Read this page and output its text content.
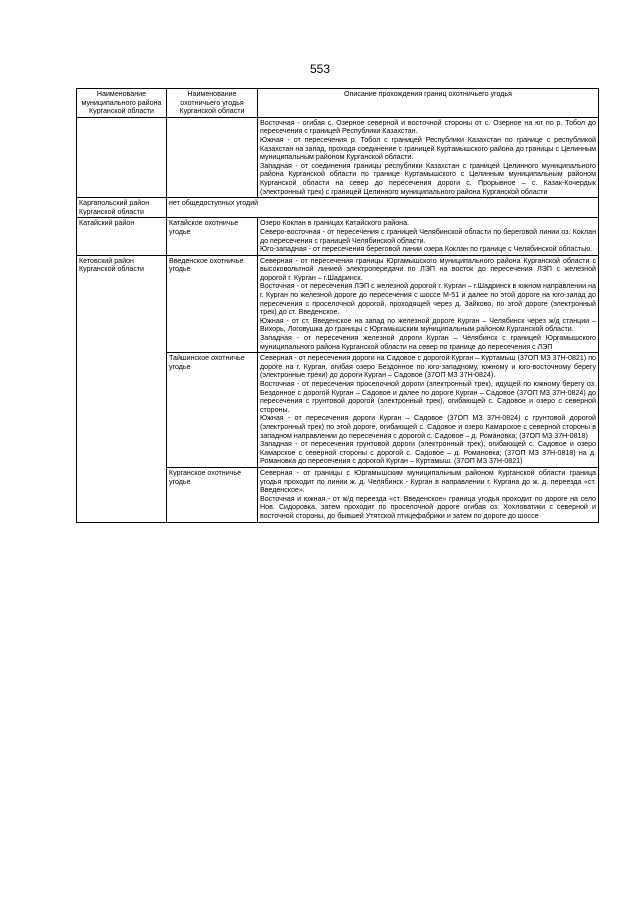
553
Наименование муниципального района Курганской области	Наименование охотничьего угодья Курганской области	Описание прохождения границ охотничьего угодья

		Восточная - огибая с. Озерное северной и восточной стороны от с. Озерное на юг по р. Тобол до пересечения с границей Республики Казахстан.

Южная - от пересечения р. Тобол с границей Республики Казахстан по границе с республикой Казахстан на запад, проходя соединение с границей Куртамышского района до границы с Целинным муниципальным районом Курганской области.

Западная - от соединения границы республики Казахстан с границей Целинного муниципального района Курганской области по границе Куртамышского с Целинным муниципальным районом Курганской области на север до пересечения дороги с. Прорывное – с. Казак-Кочердык (электронный трек) с границей Целинного муниципального района Курганской области

Каргапольский район Курганской области	нет общедоступных угодий	
Катайский район	Катайское охотничье угодье	Озеро Коклан в границах Катайского района.

Северо-восточная - от пересечения с границей Челябинской области по береговой линии оз. Коклан до пересечения с границей Челябинской области.

Юго-западная - от пересечения береговой линии озера Коклан по границе с Челябинской областью.

Кетовский район Курганской области	Введенское охотничье угодье	Северная - от пересечения границы Юргамышского муниципального района Курганской области с высоковольтной линией электропередачи по ЛЭП на восток до пересечения ЛЭП с железной дорогой г. Курган – г.Шадринск.

Восточная - от пересечения ЛЭП с железной дорогой г. Курган – г.Шадринск в южном направлении на г. Курган по железной дороге до пересечения с шоссе М-51 и далее по этой дороге на юго-запад до пересечения с проселочной дорогой, проходящей через д. Зайково, по этой дороге (электронный трек) до ст. Введенское.

Южная - от ст. Введенское на запад по железной дороге Курган – Челябинск через ж/д станции – Вихорь, Логовушка до границы с Юргамышским муниципальным районом Курганской области.

Западная - от пересечения железной дороги Курган – Челябинск с границей Юргамышского муниципального района Курганской области на север по границе до пересечения с ЛЭП

	Тайшинское охотничье угодье	Северная - от пересечения дороги на Садовое с дорогой Курган – Куртамыш (37ОП МЗ 37Н-0821) по дороге на г. Курган, огибая озеро Бездонное по юго-западному, южному и юго-восточному берегу (электронные треки) до дороги Курган – Садовое (37ОП МЗ 37Н-0824).

Восточная - от пересечения проселочной дороги (электронный трек), идущей по южному берегу оз. Бездонное с дорогой Курган – Садовое и далее по дороге Курган – Садовое (37ОП МЗ 37Н-0824) до пересечения с грунтовой дорогой (электронный трек), огибающей с. Садовое и озеро с северной стороны.

Южная - от пересечения дороги Курган – Садовое (37ОП МЗ 37Н-0824) с грунтовой дорогой (электронный трек) по этой дороге, огибающей с. Садовое и озеро Камарское с северной стороны в западном направлении до пересечения с дорогой с. Садовое – д. Романовка; (37ОП МЗ 37Н-0818)

Западная - от пересечения грунтовой дороги (электронный трек), огибающей с. Садовое и озеро Камарское с северной стороны с дорогой с. Садовое – д. Романовка; (37ОП МЗ 37Н-0818) на д. Романовка до пересечения с дорогой Курган – Куртамыш. (37ОП МЗ 37Н-0821)

	Курганское охотничье угодье	Северная - от границы с Юргамышским муниципальным районом Курганской области граница угодья проходит по линии ж. д. Челябинск - Курган в направлении г. Кургана до ж. д. переезда «ст. Введенское».

Восточная и южная - от ж/д переезда «ст. Введенское» граница угодья проходит по дороге на село Нов. Сидоровка, затем проходит по проселочной дороге огибая оз. Хохловатики с северной и восточной стороны, до бывшей Утятской птицефабрики и затем по дороге до шоссе
